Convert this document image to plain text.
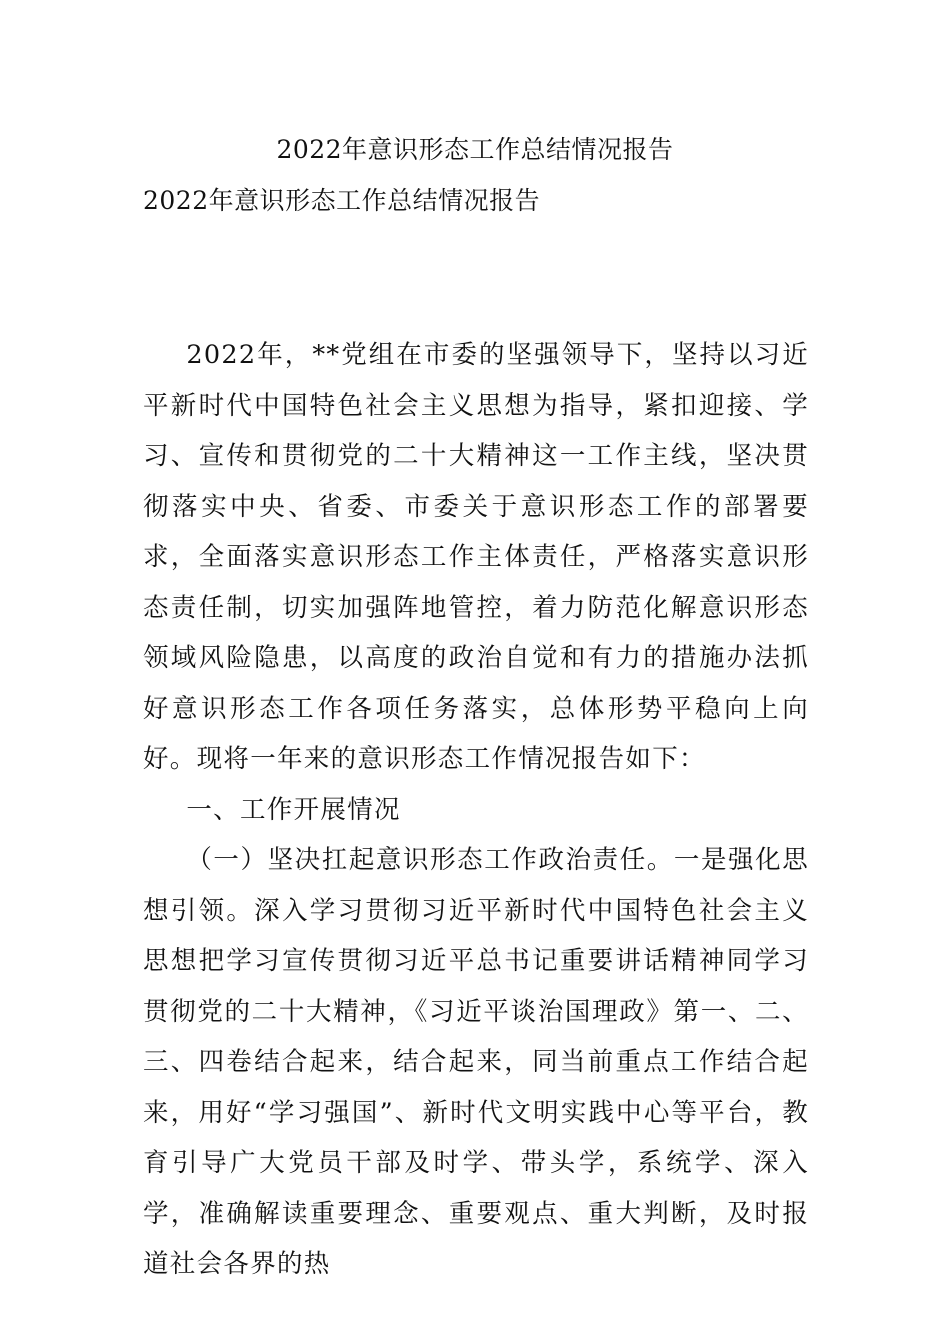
2022年意识形态工作总结情况报告
2022年意识形态工作总结情况报告

2022年，**党组在市委的坚强领导下，坚持以习近平新时代中国特色社会主义思想为指导，紧扣迎接、学习、宣传和贯彻党的二十大精神这一工作主线，坚决贯彻落实中央、省委、市委关于意识形态工作的部署要求，全面落实意识形态工作主体责任，严格落实意识形态责任制，切实加强阵地管控，着力防范化解意识形态领域风险隐患，以高度的政治自觉和有力的措施办法抓好意识形态工作各项任务落实，总体形势平稳向上向好。现将一年来的意识形态工作情况报告如下：

一、工作开展情况

（一）坚决扛起意识形态工作政治责任。一是强化思想引领。深入学习贯彻习近平新时代中国特色社会主义思想把学习宣传贯彻习近平总书记重要讲话精神同学习贯彻党的二十大精神，《习近平谈治国理政》第一、二、三、四卷结合起来，结合起来，同当前重点工作结合起来，用好“学习强国”、新时代文明实践中心等平台，教育引导广大党员干部及时学、带头学，系统学、深入学，准确解读重要理念、重要观点、重大判断，及时报道社会各界的热
